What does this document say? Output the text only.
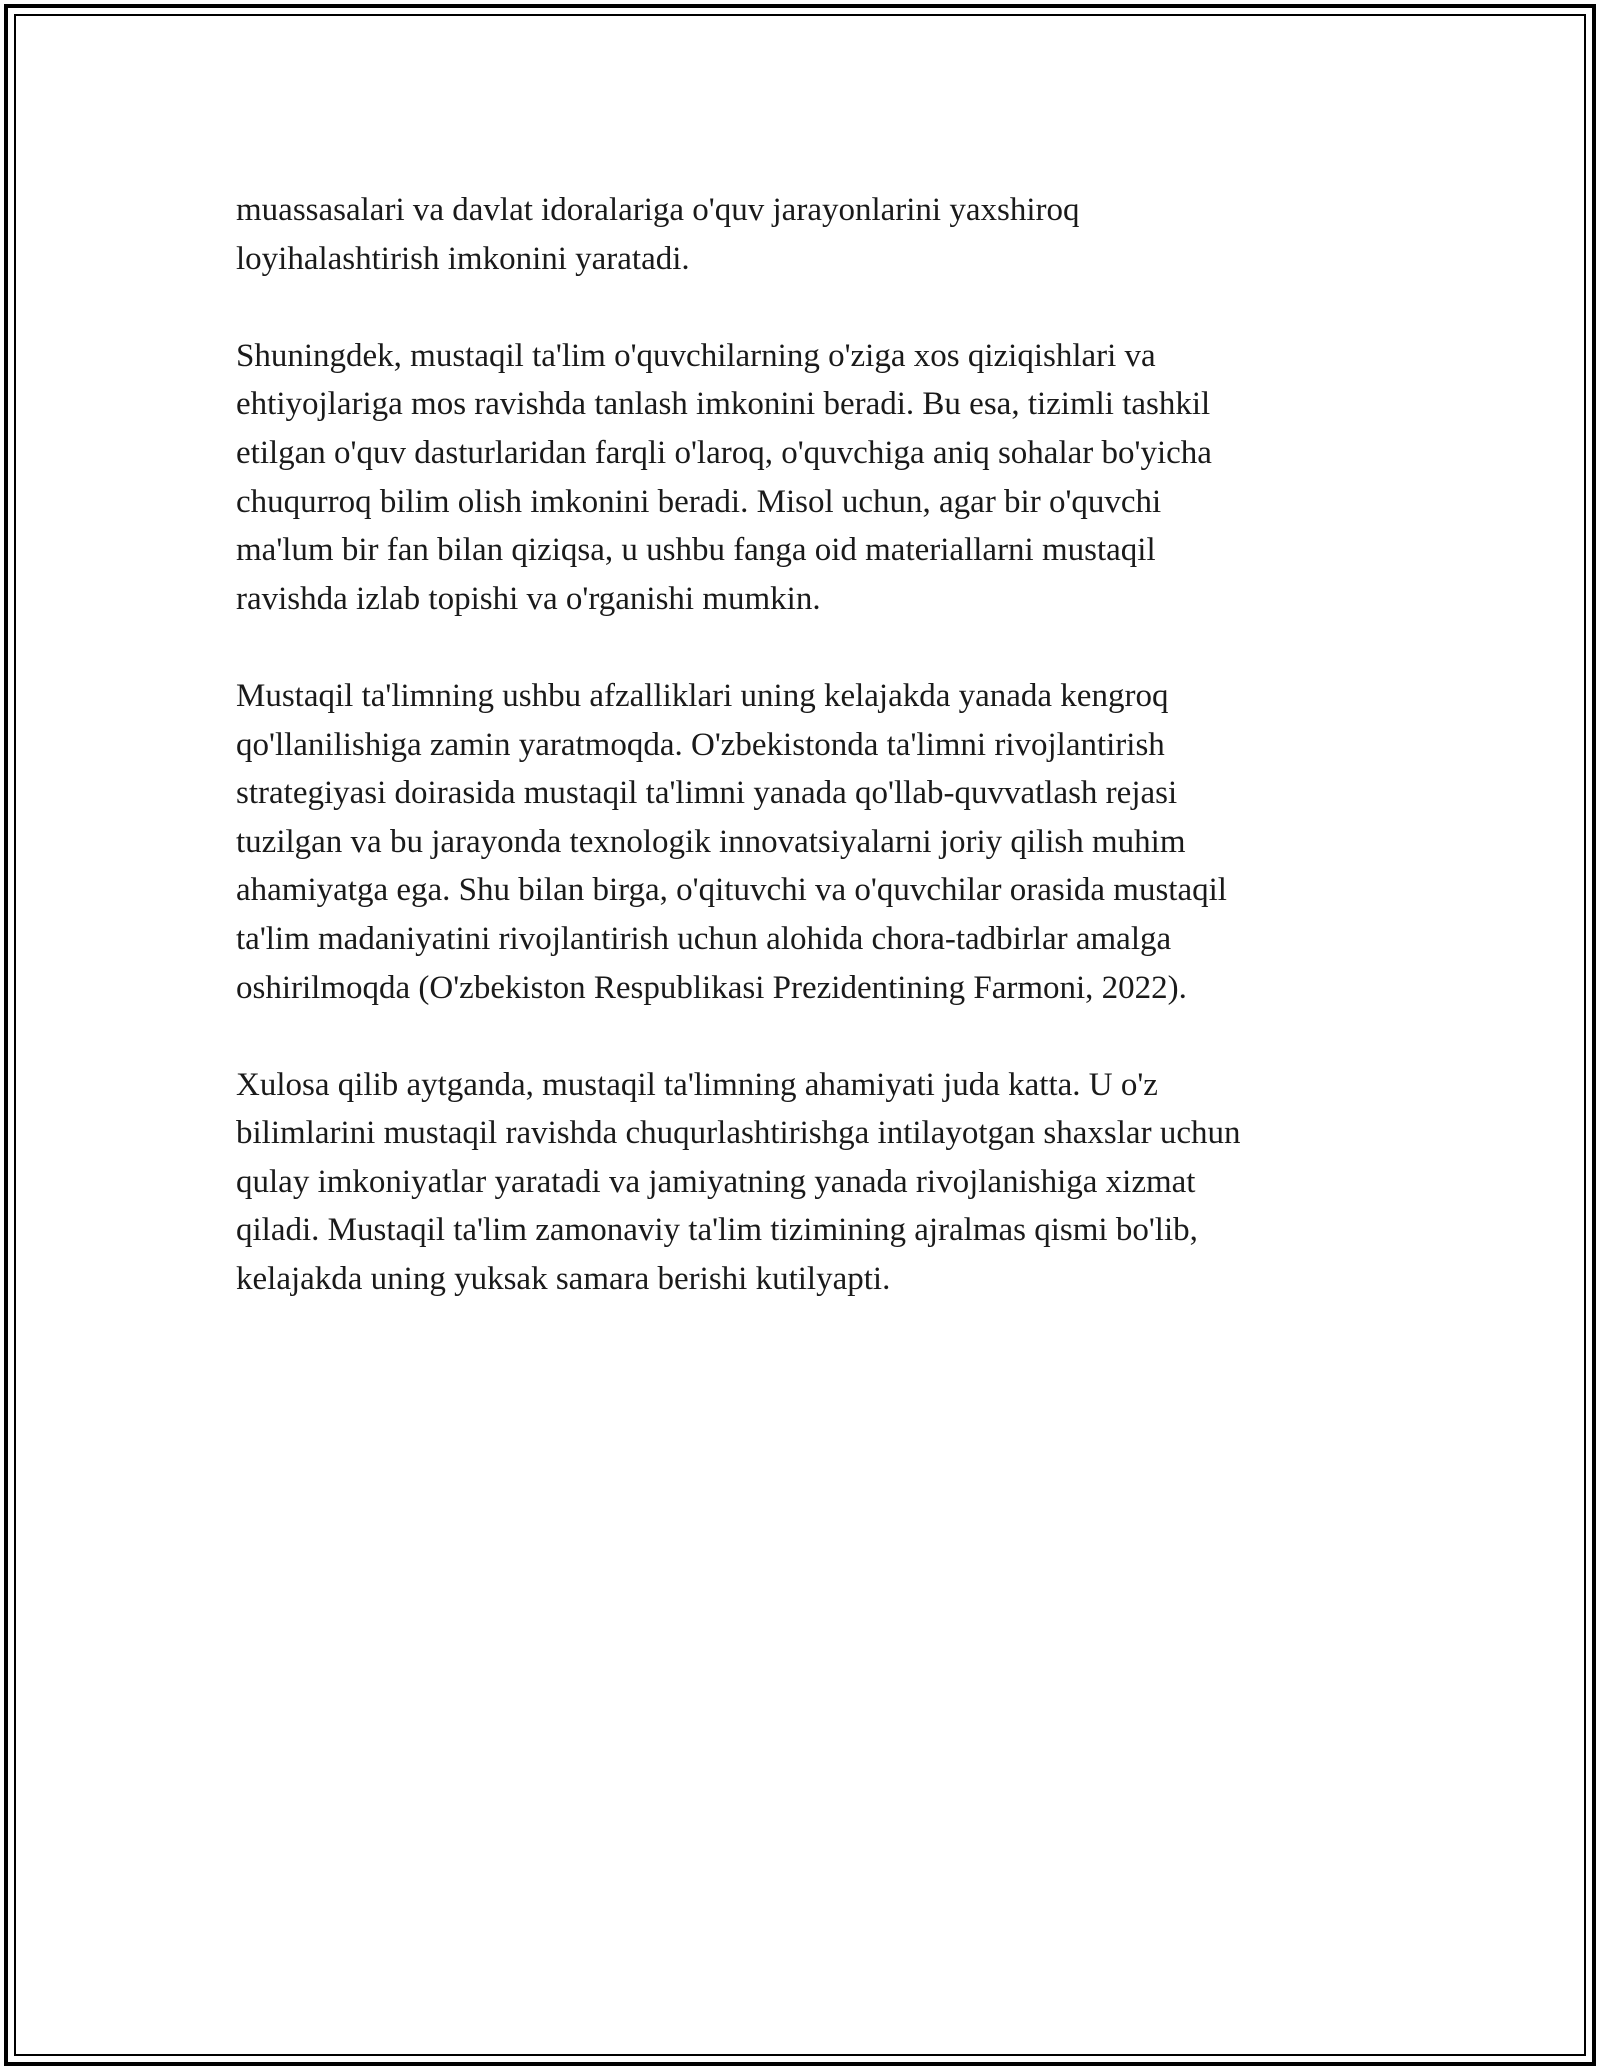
muassasalari va davlat idoralariga o'quv jarayonlarini yaxshiroq
loyihalashtirish imkonini yaratadi.

Shuningdek, mustaqil ta'lim o'quvchilarning o'ziga xos qiziqishlari va
ehtiyojlariga mos ravishda tanlash imkonini beradi. Bu esa, tizimli tashkil
etilgan o'quv dasturlaridan farqli o'laroq, o'quvchiga aniq sohalar bo'yicha
chuqurroq bilim olish imkonini beradi. Misol uchun, agar bir o'quvchi
ma'lum bir fan bilan qiziqsa, u ushbu fanga oid materiallarni mustaqil
ravishda izlab topishi va o'rganishi mumkin.

Mustaqil ta'limning ushbu afzalliklari uning kelajakda yanada kengroq
qo'llanilishiga zamin yaratmoqda. O'zbekistonda ta'limni rivojlantirish
strategiyasi doirasida mustaqil ta'limni yanada qo'llab-quvvatlash rejasi
tuzilgan va bu jarayonda texnologik innovatsiyalarni joriy qilish muhim
ahamiyatga ega. Shu bilan birga, o'qituvchi va o'quvchilar orasida mustaqil
ta'lim madaniyatini rivojlantirish uchun alohida chora-tadbirlar amalga
oshirilmoqda (O'zbekiston Respublikasi Prezidentining Farmoni, 2022).

Xulosa qilib aytganda, mustaqil ta'limning ahamiyati juda katta. U o'z
bilimlarini mustaqil ravishda chuqurlashtirishga intilayotgan shaxslar uchun
qulay imkoniyatlar yaratadi va jamiyatning yanada rivojlanishiga xizmat
qiladi. Mustaqil ta'lim zamonaviy ta'lim tizimining ajralmas qismi bo'lib,
kelajakda uning yuksak samara berishi kutilyapti.
